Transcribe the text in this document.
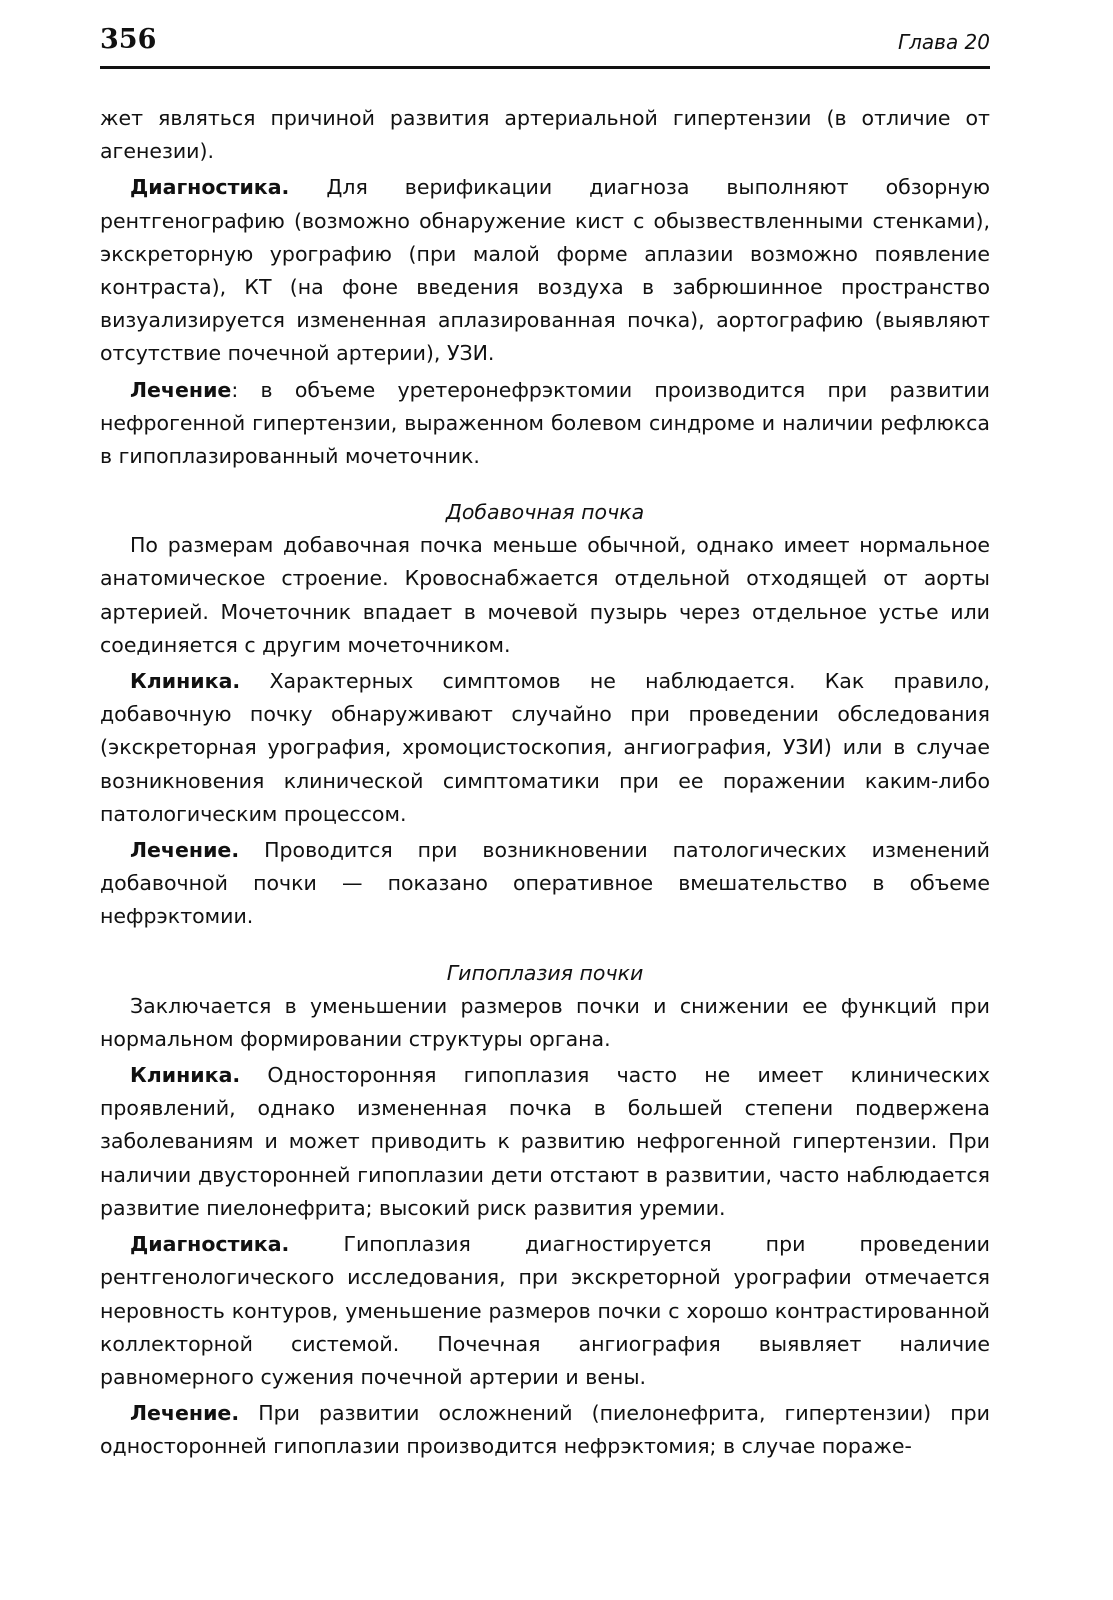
356	Глава 20

жет являться причиной развития артериальной гипертензии (в отличие от агенезии).

Диагностика. Для верификации диагноза выполняют обзорную рентгенографию (возможно обнаружение кист с обызвествленными стенками), экскреторную урографию (при малой форме аплазии возможно появление контраста), КТ (на фоне введения воздуха в забрюшинное пространство визуализируется измененная аплазированная почка), аортографию (выявляют отсутствие почечной артерии), УЗИ.

Лечение: в объеме уретеронефрэктомии производится при развитии нефрогенной гипертензии, выраженном болевом синдроме и наличии рефлюкса в гипоплазированный мочеточник.

Добавочная почка

По размерам добавочная почка меньше обычной, однако имеет нормальное анатомическое строение. Кровоснабжается отдельной отходящей от аорты артерией. Мочеточник впадает в мочевой пузырь через отдельное устье или соединяется с другим мочеточником.

Клиника. Характерных симптомов не наблюдается. Как правило, добавочную почку обнаруживают случайно при проведении обследования (экскреторная урография, хромоцистоскопия, ангиография, УЗИ) или в случае возникновения клинической симптоматики при ее поражении каким-либо патологическим процессом.

Лечение. Проводится при возникновении патологических изменений добавочной почки — показано оперативное вмешательство в объеме нефрэктомии.

Гипоплазия почки

Заключается в уменьшении размеров почки и снижении ее функций при нормальном формировании структуры органа.

Клиника. Односторонняя гипоплазия часто не имеет клинических проявлений, однако измененная почка в большей степени подвержена заболеваниям и может приводить к развитию нефрогенной гипертензии. При наличии двусторонней гипоплазии дети отстают в развитии, часто наблюдается развитие пиелонефрита; высокий риск развития уремии.

Диагностика. Гипоплазия диагностируется при проведении рентгенологического исследования, при экскреторной урографии отмечается неровность контуров, уменьшение размеров почки с хорошо контрастированной коллекторной системой. Почечная ангиография выявляет наличие равномерного сужения почечной артерии и вены.

Лечение. При развитии осложнений (пиелонефрита, гипертензии) при односторонней гипоплазии производится нефрэктомия; в случае пораже-
